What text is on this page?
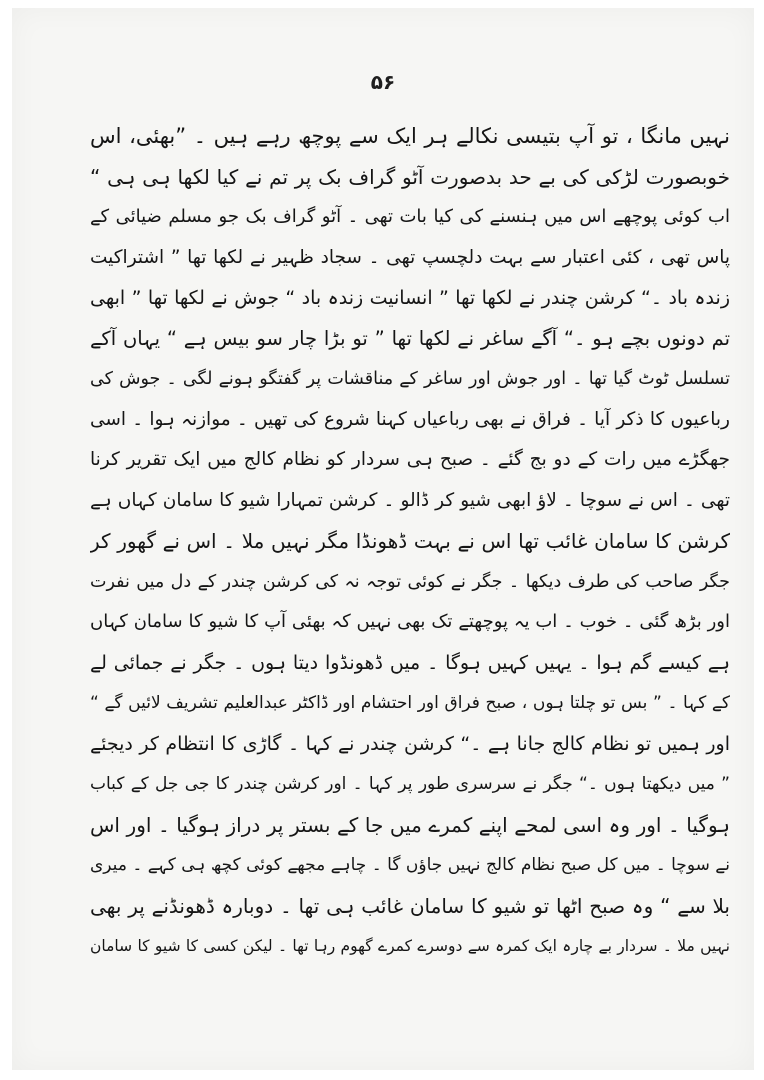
۵۶
نہیں مانگا ، تو آپ بتیسی نکالے ہر ایک سے پوچھ رہے ہیں ۔ ”بھئی، اس
خوبصورت لڑکی کی بے حد بدصورت آٹو گراف بک پر تم نے کیا لکھا ہی ہی “
اب کوئی پوچھے اس میں ہنسنے کی کیا بات تھی ۔ آٹو گراف بک جو مسلم ضیائی کے
پاس تھی ، کئی اعتبار سے بہت دلچسپ تھی ۔ سجاد ظہیر نے لکھا تھا ” اشتراکیت
زندہ باد ۔“ کرشن چندر نے لکھا تھا ” انسانیت زندہ باد “ جوش نے لکھا تھا ” ابھی
تم دونوں بچے ہو ۔“ آگے ساغر نے لکھا تھا ” تو بڑا چار سو بیس ہے “ یہاں آکے
تسلسل ٹوٹ گیا تھا ۔ اور جوش اور ساغر کے مناقشات پر گفتگو ہونے لگی ۔ جوش کی
رباعیوں کا ذکر آیا ۔ فراق نے بھی رباعیاں کہنا شروع کی تھیں ۔ موازنہ ہوا ۔ اسی
جھگڑے میں رات کے دو بج گئے ۔ صبح ہی سردار کو نظام کالج میں ایک تقریر کرنا
تھی ۔ اس نے سوچا ۔ لاؤ ابھی شیو کر ڈالو ۔ کرشن تمہارا شیو کا سامان کہاں ہے
کرشن کا سامان غائب تھا اس نے بہت ڈھونڈا مگر نہیں ملا ۔ اس نے گھور کر
جگر صاحب کی طرف دیکھا ۔ جگر نے کوئی توجہ نہ کی کرشن چندر کے دل میں نفرت
اور بڑھ گئی ۔ خوب ۔ اب یہ پوچھتے تک بھی نہیں کہ بھئی آپ کا شیو کا سامان کہاں
ہے کیسے گم ہوا ۔ یہیں کہیں ہوگا ۔ میں ڈھونڈوا دیتا ہوں ۔ جگر نے جمائی لے
کے کہا ۔ ” بس تو چلتا ہوں ، صبح فراق اور احتشام اور ڈاکٹر عبدالعلیم تشریف لائیں گے “
اور ہمیں تو نظام کالج جانا ہے ۔“ کرشن چندر نے کہا ۔ گاڑی کا انتظام کر دیجئے
” میں دیکھتا ہوں ۔“ جگر نے سرسری طور پر کہا ۔ اور کرشن چندر کا جی جل کے کباب
ہوگیا ۔ اور وہ اسی لمحے اپنے کمرے میں جا کے بستر پر دراز ہوگیا ۔ اور اس
نے سوچا ۔ میں کل صبح نظام کالج نہیں جاؤں گا ۔ چاہے مجھے کوئی کچھ ہی کہے ۔ میری
بلا سے “ وہ صبح اٹھا تو شیو کا سامان غائب ہی تھا ۔ دوبارہ ڈھونڈنے پر بھی
نہیں ملا ۔ سردار بے چارہ ایک کمرہ سے دوسرے کمرے گھوم رہا تھا ۔ لیکن کسی کا شیو کا سامان
